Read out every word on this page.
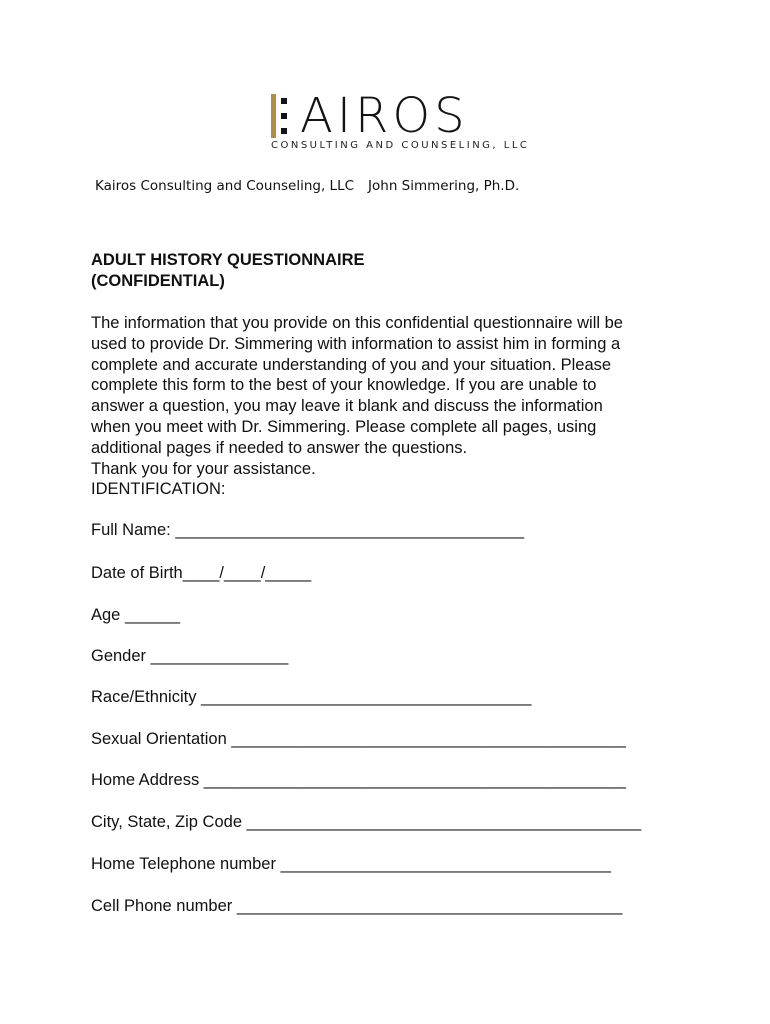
AIROS
CONSULTING AND COUNSELING, LLC
Kairos Consulting and Counseling, LLC John Simmering, Ph.D.
ADULT HISTORY QUESTIONNAIRE
(CONFIDENTIAL)
The information that you provide on this confidential questionnaire will be
used to provide Dr. Simmering with information to assist him in forming a
complete and accurate understanding of you and your situation. Please
complete this form to the best of your knowledge. If you are unable to
answer a question, you may leave it blank and discuss the information
when you meet with Dr. Simmering. Please complete all pages, using
additional pages if needed to answer the questions.
Thank you for your assistance.
IDENTIFICATION:
Full Name: ______________________________________
Date of Birth____/____/_____
Age ______
Gender _______________
Race/Ethnicity ____________________________________
Sexual Orientation ___________________________________________
Home Address ______________________________________________
City, State, Zip Code ___________________________________________
Home Telephone number ____________________________________
Cell Phone number __________________________________________
